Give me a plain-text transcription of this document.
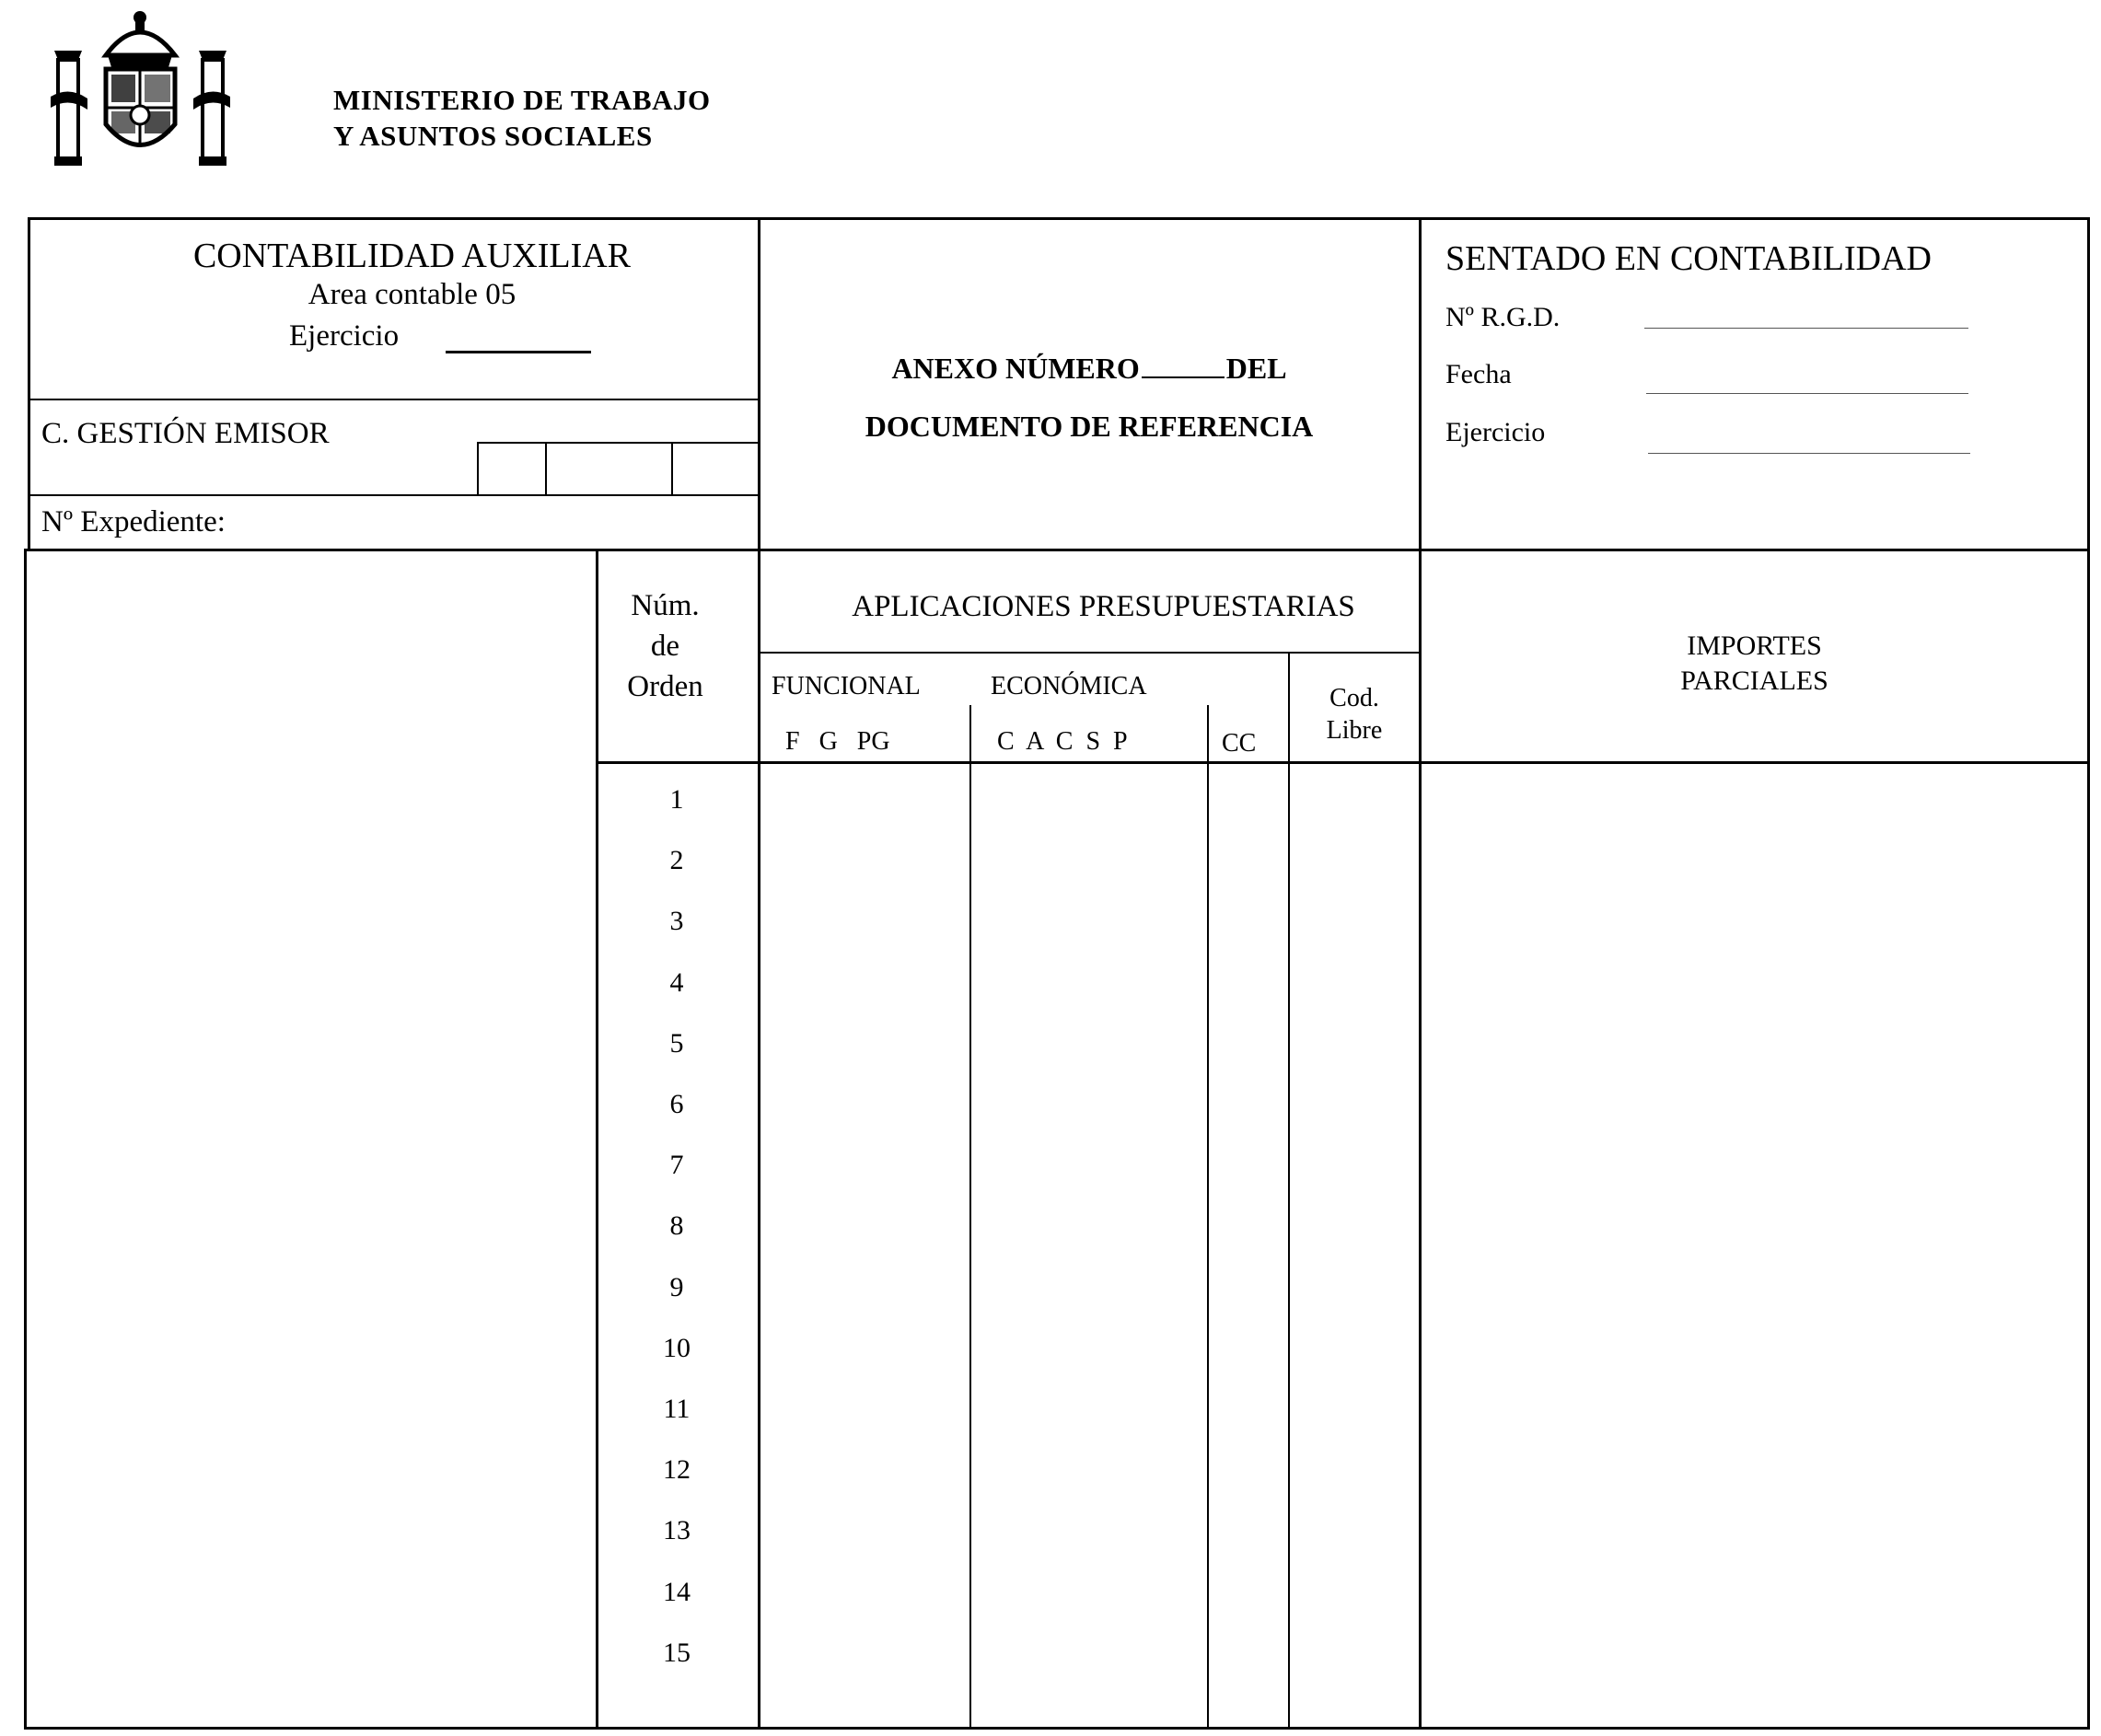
MINISTERIO DE TRABAJO
Y ASUNTOS SOCIALES
CONTABILIDAD AUXILIAR
Area contable 05
Ejercicio
C. GESTIÓN EMISOR
Nº Expediente:
ANEXO NÚMERO	DEL
DOCUMENTO DE REFERENCIA
SENTADO EN CONTABILIDAD
Nº R.G.D.
Fecha
Ejercicio
Núm.
de
Orden
APLICACIONES PRESUPUESTARIAS
FUNCIONAL
F   G   PG
ECONÓMICA
C  A  C  S  P	CC
Cod.
Libre
IMPORTES
PARCIALES
1
2
3
4
5
6
7
8
9
10
11
12
13
14
15
